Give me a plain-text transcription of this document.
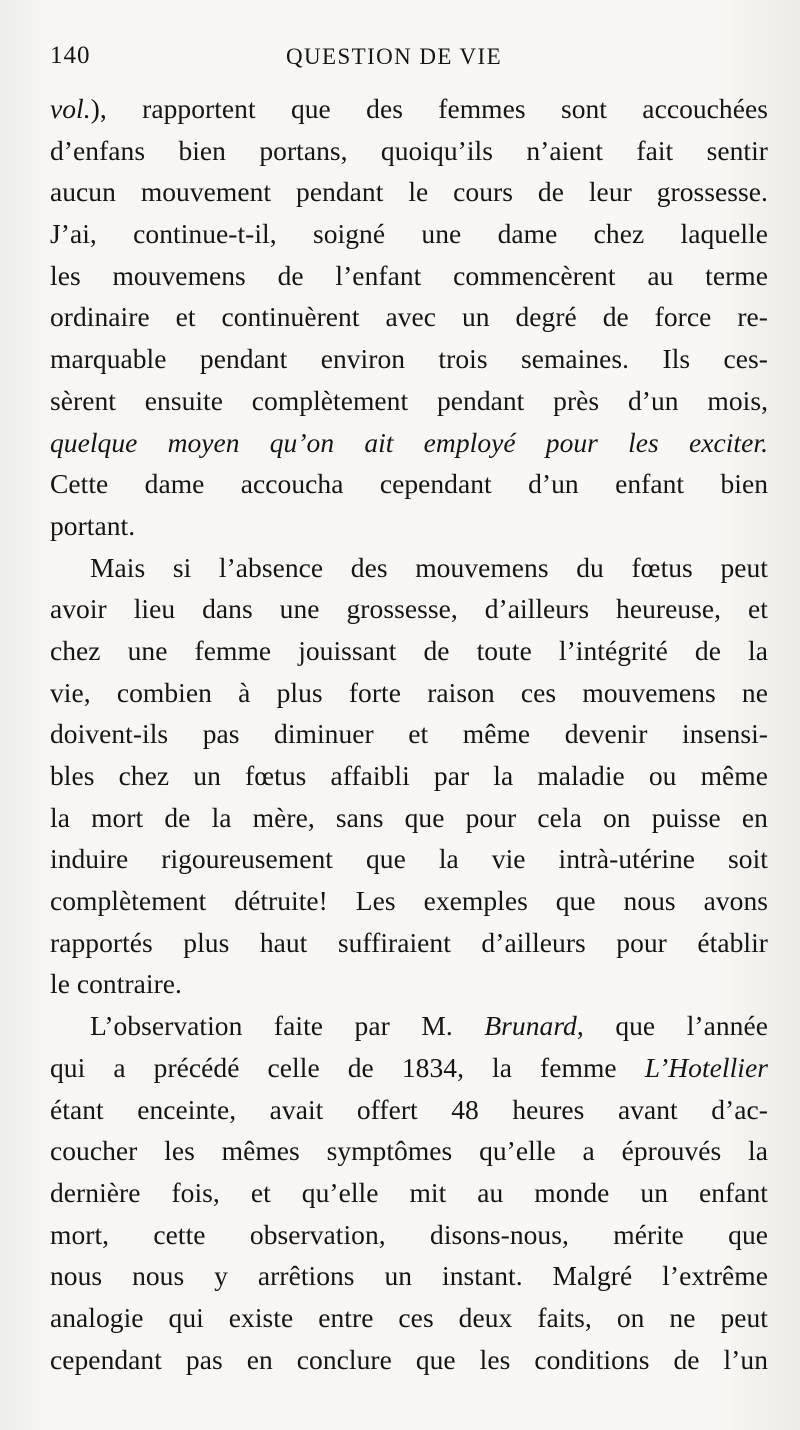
140	QUESTION DE VIE
vol.), rapportent que des femmes sont accouchées
d’enfans bien portans, quoiqu’ils n’aient fait sentir
aucun mouvement pendant le cours de leur grossesse.
J’ai, continue-t-il, soigné une dame chez laquelle
les mouvemens de l’enfant commencèrent au terme
ordinaire et continuèrent avec un degré de force re-
marquable pendant environ trois semaines. Ils ces-
sèrent ensuite complètement pendant près d’un mois,
quelque moyen qu’on ait employé pour les exciter.
Cette dame accoucha cependant d’un enfant bien
portant.
Mais si l’absence des mouvemens du fœtus peut
avoir lieu dans une grossesse, d’ailleurs heureuse, et
chez une femme jouissant de toute l’intégrité de la
vie, combien à plus forte raison ces mouvemens ne
doivent-ils pas diminuer et même devenir insensi-
bles chez un fœtus affaibli par la maladie ou même
la mort de la mère, sans que pour cela on puisse en
induire rigoureusement que la vie intrà-utérine soit
complètement détruite! Les exemples que nous avons
rapportés plus haut suffiraient d’ailleurs pour établir
le contraire.
L’observation faite par M. Brunard, que l’année
qui a précédé celle de 1834, la femme L’Hotellier
étant enceinte, avait offert 48 heures avant d’ac-
coucher les mêmes symptômes qu’elle a éprouvés la
dernière fois, et qu’elle mit au monde un enfant
mort, cette observation, disons-nous, mérite que
nous nous y arrêtions un instant. Malgré l’extrême
analogie qui existe entre ces deux faits, on ne peut
cependant pas en conclure que les conditions de l’un
